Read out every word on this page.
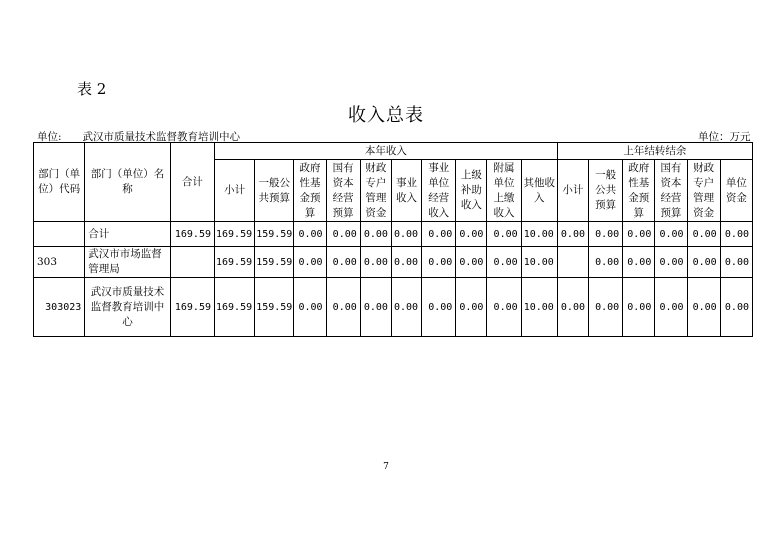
表 2
收入总表
单位:　　武汉市质量技术监督教育培训中心	单位：万元
部门（单位）代码	部门（单位）名称	合计	本年收入										上年结转结余					
			小计	一般公共预算	政府性基金预算	国有资本经营预算	财政专户管理资金	事业收入	事业单位经营收入	上级补助收入	附属单位上缴收入	其他收入	小计	一般公共预算	政府性基金预算	国有资本经营预算	财政专户管理资金	单位资金
	合计	169.59	169.59	159.59	0.00	0.00	0.00	0.00	0.00	0.00	0.00	10.00	0.00	0.00	0.00	0.00	0.00	0.00
303	武汉市市场监督管理局		169.59	159.59	0.00	0.00	0.00	0.00	0.00	0.00	0.00	10.00		0.00	0.00	0.00	0.00	0.00
303023	武汉市质量技术监督教育培训中心	169.59	169.59	159.59	0.00	0.00	0.00	0.00	0.00	0.00	0.00	10.00	0.00	0.00	0.00	0.00	0.00	0.00
7
